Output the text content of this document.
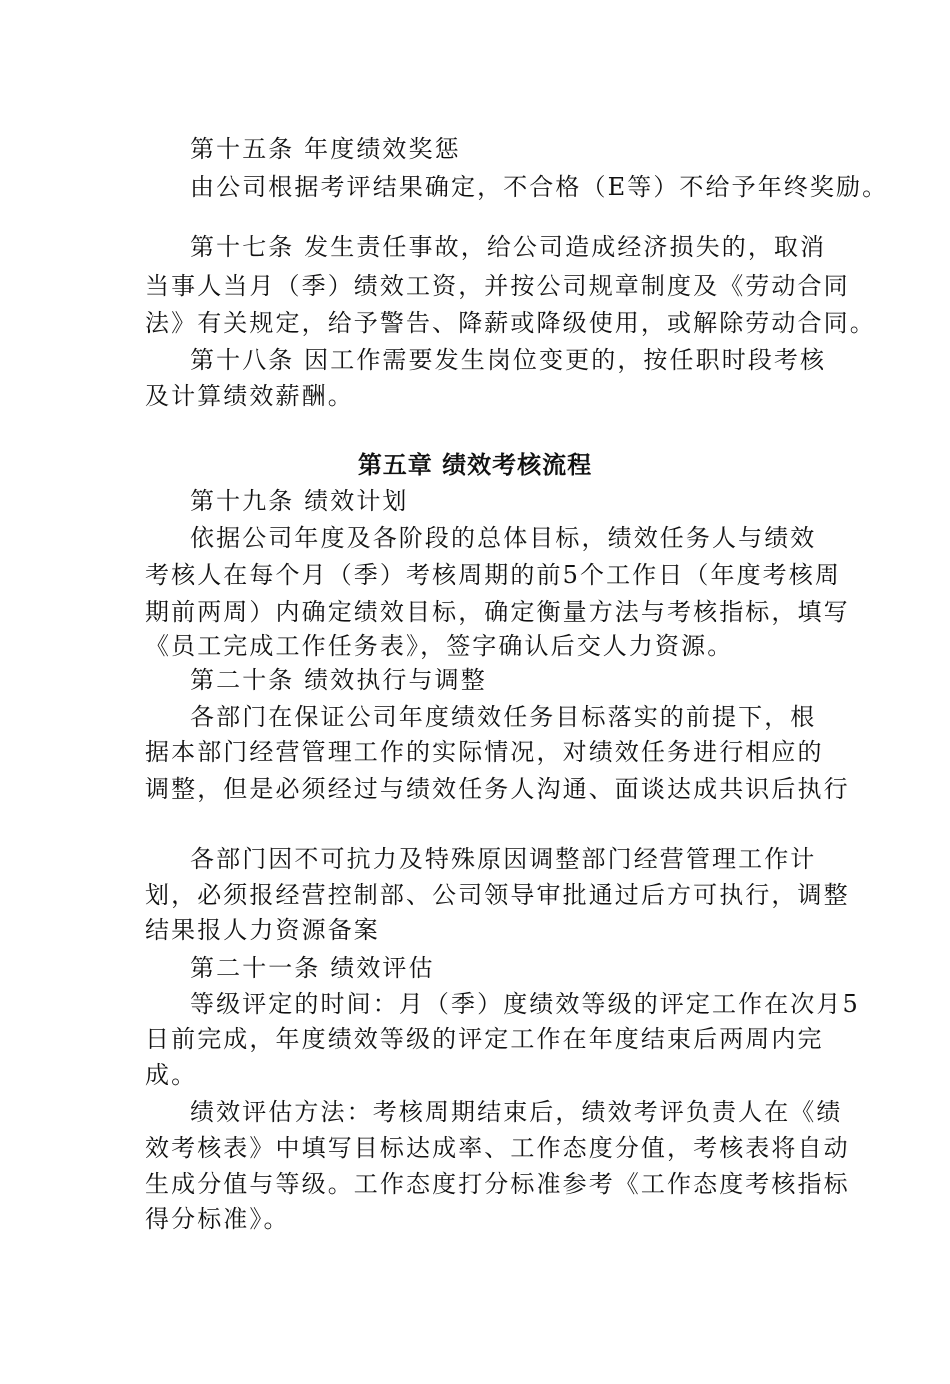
第十五条 年度绩效奖惩
由公司根据考评结果确定，不合格（E等）不给予年终奖励。
第十七条 发生责任事故，给公司造成经济损失的，取消
当事人当月（季）绩效工资，并按公司规章制度及《劳动合同
法》有关规定，给予警告、降薪或降级使用，或解除劳动合同。
第十八条 因工作需要发生岗位变更的，按任职时段考核
及计算绩效薪酬。
第五章 绩效考核流程
第十九条 绩效计划
依据公司年度及各阶段的总体目标，绩效任务人与绩效
考核人在每个月（季）考核周期的前5个工作日（年度考核周
期前两周）内确定绩效目标，确定衡量方法与考核指标，填写
《员工完成工作任务表》，签字确认后交人力资源。
第二十条 绩效执行与调整
各部门在保证公司年度绩效任务目标落实的前提下，根
据本部门经营管理工作的实际情况，对绩效任务进行相应的
调整，但是必须经过与绩效任务人沟通、面谈达成共识后执行
各部门因不可抗力及特殊原因调整部门经营管理工作计
划，必须报经营控制部、公司领导审批通过后方可执行，调整
结果报人力资源备案
第二十一条 绩效评估
等级评定的时间：月（季）度绩效等级的评定工作在次月5
日前完成，年度绩效等级的评定工作在年度结束后两周内完
成。
绩效评估方法：考核周期结束后，绩效考评负责人在《绩
效考核表》中填写目标达成率、工作态度分值，考核表将自动
生成分值与等级。工作态度打分标准参考《工作态度考核指标
得分标准》。
